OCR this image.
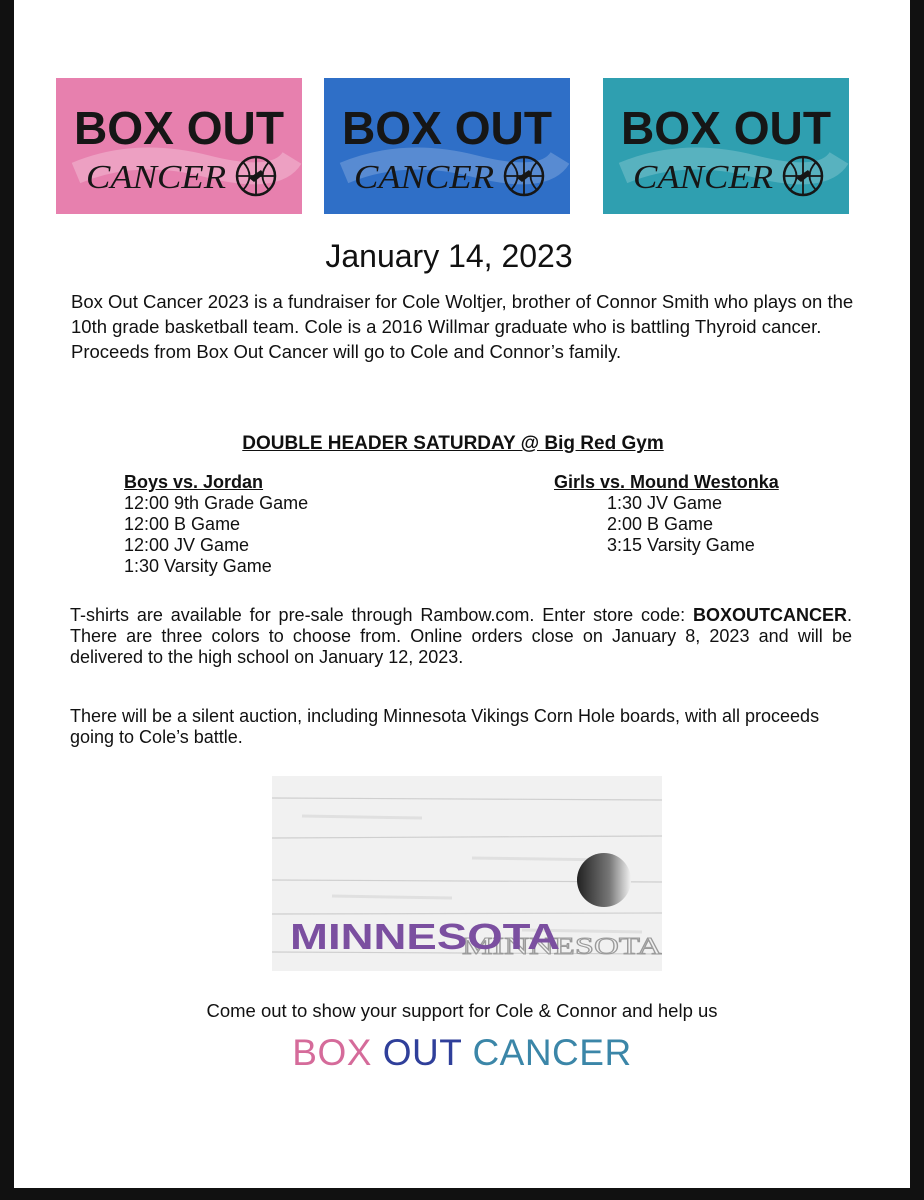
BOX OUT
CANCER
BOX OUT
CANCER
BOX OUT
CANCER
January 14, 2023

Box Out Cancer 2023 is a fundraiser for Cole Woltjer, brother of Connor Smith who plays on the 10th grade basketball team. Cole is a 2016 Willmar graduate who is battling Thyroid cancer. Proceeds from Box Out Cancer will go to Cole and Connor’s family.

DOUBLE HEADER SATURDAY @ Big Red Gym
Boys vs. Jordan
12:00 9th Grade Game
12:00 B Game
12:00 JV Game
1:30 Varsity Game
Girls vs. Mound Westonka
1:30 JV Game
2:00 B Game
3:15 Varsity Game

T-shirts are available for pre-sale through Rambow.com. Enter store code: BOXOUTCANCER. There are three colors to choose from. Online orders close on January 8, 2023 and will be delivered to the high school on January 12, 2023.

There will be a silent auction, including Minnesota Vikings Corn Hole boards, with all proceeds going to Cole’s battle.

MINNESOTA
MINNESOTA
Come out to show your support for Cole & Connor and help us
BOX OUT CANCER
